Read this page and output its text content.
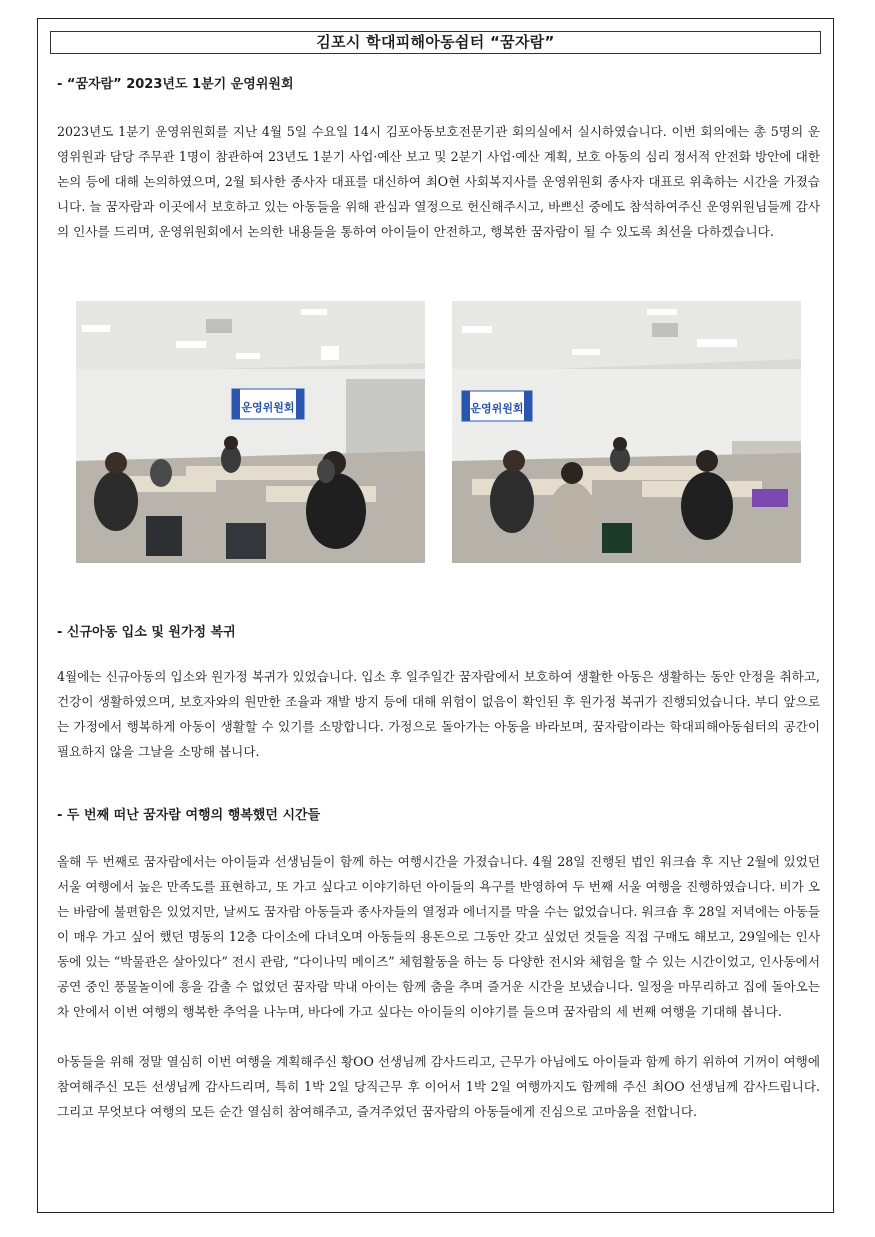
김포시 학대피해아동쉼터 “꿈자람”
- “꿈자람” 2023년도 1분기 운영위원회

2023년도 1분기 운영위원회를 지난 4월 5일 수요일 14시 김포아동보호전문기관 회의실에서 실시하였습니다. 이번 회의에는 총 5명의 운영위원과 담당 주무관 1명이 참관하여 23년도 1분기 사업·예산 보고 및 2분기 사업·예산 계획, 보호 아동의 심리 정서적 안전화 방안에 대한 논의 등에 대해 논의하였으며, 2월 퇴사한 종사자 대표를 대신하여 최O현 사회복지사를 운영위원회 종사자 대표로 위촉하는 시간을 가졌습니다. 늘 꿈자람과 이곳에서 보호하고 있는 아동들을 위해 관심과 열정으로 헌신해주시고, 바쁘신 중에도 참석하여주신 운영위원님들께 감사의 인사를 드리며, 운영위원회에서 논의한 내용들을 통하여 아이들이 안전하고, 행복한 꿈자람이 될 수 있도록 최선을 다하겠습니다.

운영위원회	운영위원회
- 신규아동 입소 및 원가정 복귀

4월에는 신규아동의 입소와 원가정 복귀가 있었습니다. 입소 후 일주일간 꿈자람에서 보호하여 생활한 아동은 생활하는 동안 안정을 취하고, 건강이 생활하였으며, 보호자와의 원만한 조율과 재발 방지 등에 대해 위험이 없음이 확인된 후 원가정 복귀가 진행되었습니다. 부디 앞으로는 가정에서 행복하게 아동이 생활할 수 있기를 소망합니다. 가정으로 돌아가는 아동을 바라보며, 꿈자람이라는 학대피해아동쉼터의 공간이 필요하지 않을 그날을 소망해 봅니다.

- 두 번째 떠난 꿈자람 여행의 행복했던 시간들

올해 두 번째로 꿈자람에서는 아이들과 선생님들이 함께 하는 여행시간을 가졌습니다. 4월 28일 진행된 법인 워크숍 후 지난 2월에 있었던 서울 여행에서 높은 만족도를 표현하고, 또 가고 싶다고 이야기하던 아이들의 욕구를 반영하여 두 번째 서울 여행을 진행하였습니다. 비가 오는 바람에 불편함은 있었지만, 날씨도 꿈자람 아동들과 종사자들의 열정과 에너지를 막을 수는 없었습니다. 워크숍 후 28일 저녁에는 아동들이 매우 가고 싶어 했던 명동의 12층 다이소에 다녀오며 아동들의 용돈으로 그동안 갖고 싶었던 것들을 직접 구매도 해보고, 29일에는 인사동에 있는 “박물관은 살아있다” 전시 관람, “다이나믹 메이즈” 체험활동을 하는 등 다양한 전시와 체험을 할 수 있는 시간이었고, 인사동에서 공연 중인 풍물놀이에 흥을 감출 수 없었던 꿈자람 막내 아이는 함께 춤을 추며 즐거운 시간을 보냈습니다. 일정을 마무리하고 집에 돌아오는 차 안에서 이번 여행의 행복한 추억을 나누며, 바다에 가고 싶다는 아이들의 이야기를 들으며 꿈자람의 세 번째 여행을 기대해 봅니다.

아동들을 위해 정말 열심히 이번 여행을 계획해주신 황OO 선생님께 감사드리고, 근무가 아님에도 아이들과 함께 하기 위하여 기꺼이 여행에 참여해주신 모든 선생님께 감사드리며, 특히 1박 2일 당직근무 후 이어서 1박 2일 여행까지도 함께해 주신 최OO 선생님께 감사드립니다. 그리고 무엇보다 여행의 모든 순간 열심히 참여해주고, 즐겨주었던 꿈자람의 아동들에게 진심으로 고마움을 전합니다.
